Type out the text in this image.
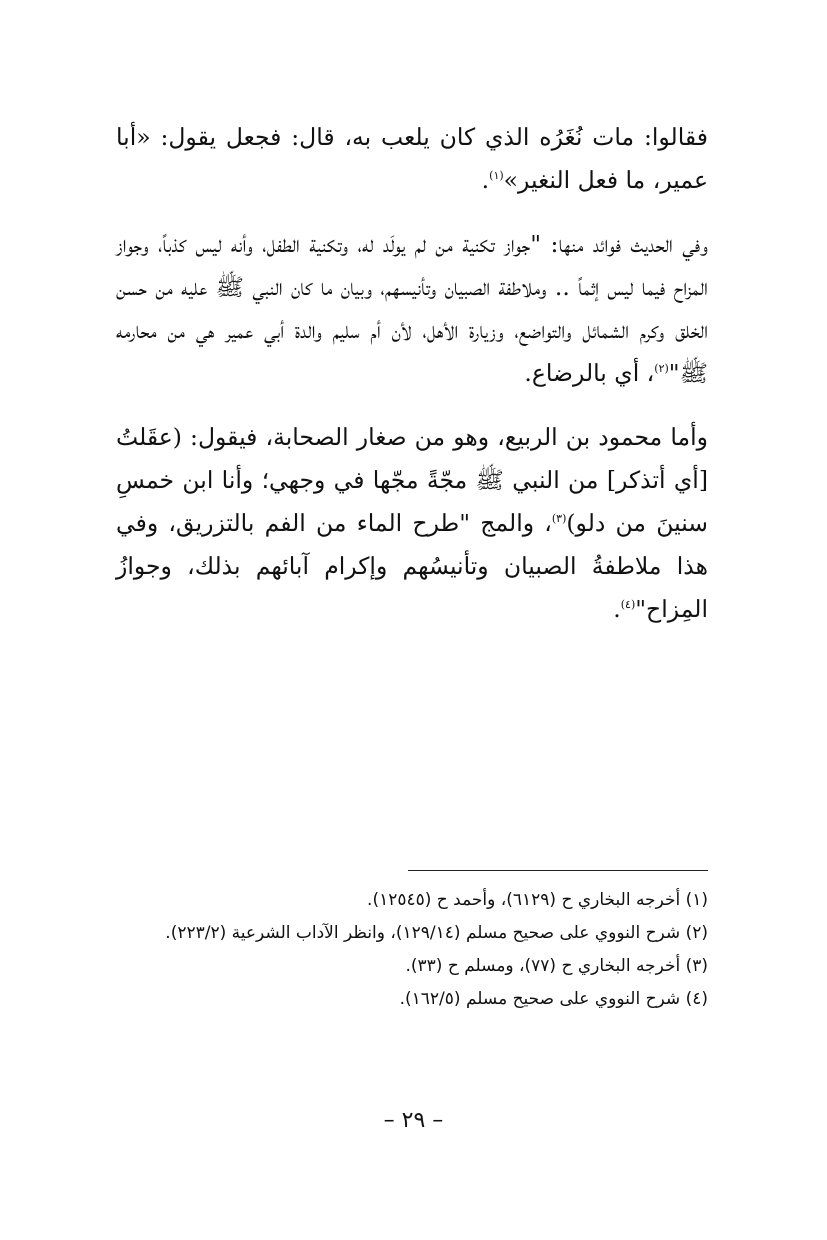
فقالوا: مات نُغَرُه الذي كان يلعب به، قال: فجعل يقول: «أبا عمير، ما فعل النغير»$^{(١)}$.

وفي الحديث فوائد منها: "جواز تكنية من لم يولَد له، وتكنية الطفل، وأنه ليس كذباً، وجواز المزاح فيما ليس إثماً .. وملاطفة الصبيان وتأنيسهم، وبيان ما كان النبي ﷺ عليه من حسن الخلق وكرم الشمائل والتواضع، وزيارة الأهل، لأن أم سليم والدة أبي عمير هي من محارمه ﷺ"$^{(٢)}$، أي بالرضاع.

وأما محمود بن الربيع، وهو من صغار الصحابة، فيقول: (عقَلتُ [أي أتذكر] من النبي ﷺ مجّةً مجّها في وجهي؛ وأنا ابن خمسِ سنينَ من دلو)$^{(٣)}$، والمج "طرح الماء من الفم بالتزريق، وفي هذا ملاطفةُ الصبيان وتأنيسُهم وإكرام آبائهم بذلك، وجوازُ المِزاح"$^{(٤)}$.

(١) أخرجه البخاري ح (٦١٢٩)، وأحمد ح (١٢٥٤٥).

(٢) شرح النووي على صحيح مسلم (١٢٩/١٤)، وانظر الآداب الشرعية (٢٢٣/٢).

(٣) أخرجه البخاري ح (٧٧)، ومسلم ح (٣٣).

(٤) شرح النووي على صحيح مسلم (١٦٢/٥).

– ٢٩ –
